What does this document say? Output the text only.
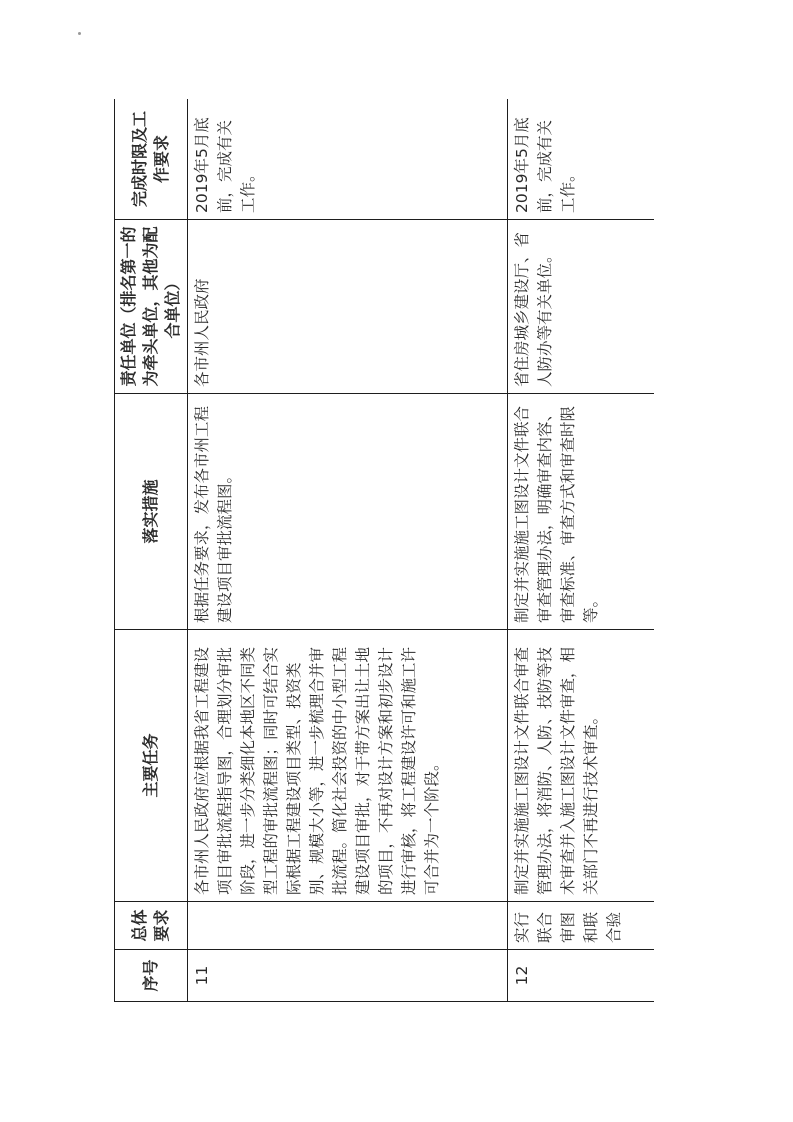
序号	总体要求	主要任务	落实措施	责任单位（排名第一的为牵头单位，其他为配合单位）	完成时限及工作要求
11		各市州人民政府应根据我省工程建设项目审批流程指导图，合理划分审批阶段，进一步分类细化本地区不同类型工程的审批流程图；同时可结合实际根据工程建设项目类型、投资类别、规模大小等，进一步梳理合并审批流程。简化社会投资的中小型工程建设项目审批，对于带方案出让土地的项目，不再对设计方案和初步设计进行审核，将工程建设许可和施工许可合并为一个阶段。	根据任务要求，发布各市州工程建设项目审批流程图。	各市州人民政府	2019年5月底前，完成有关工作。
12	实行联合审图和联合验	制定并实施施工图设计文件联合审查管理办法，将消防、人防、技防等技术审查并入施工图设计文件审查，相关部门不再进行技术审查。	制定并实施施工图设计文件联合审查管理办法，明确审查内容、审查标准、审查方式和审查时限等。	省住房城乡建设厅、省人防办等有关单位。	2019年5月底前，完成有关工作。
